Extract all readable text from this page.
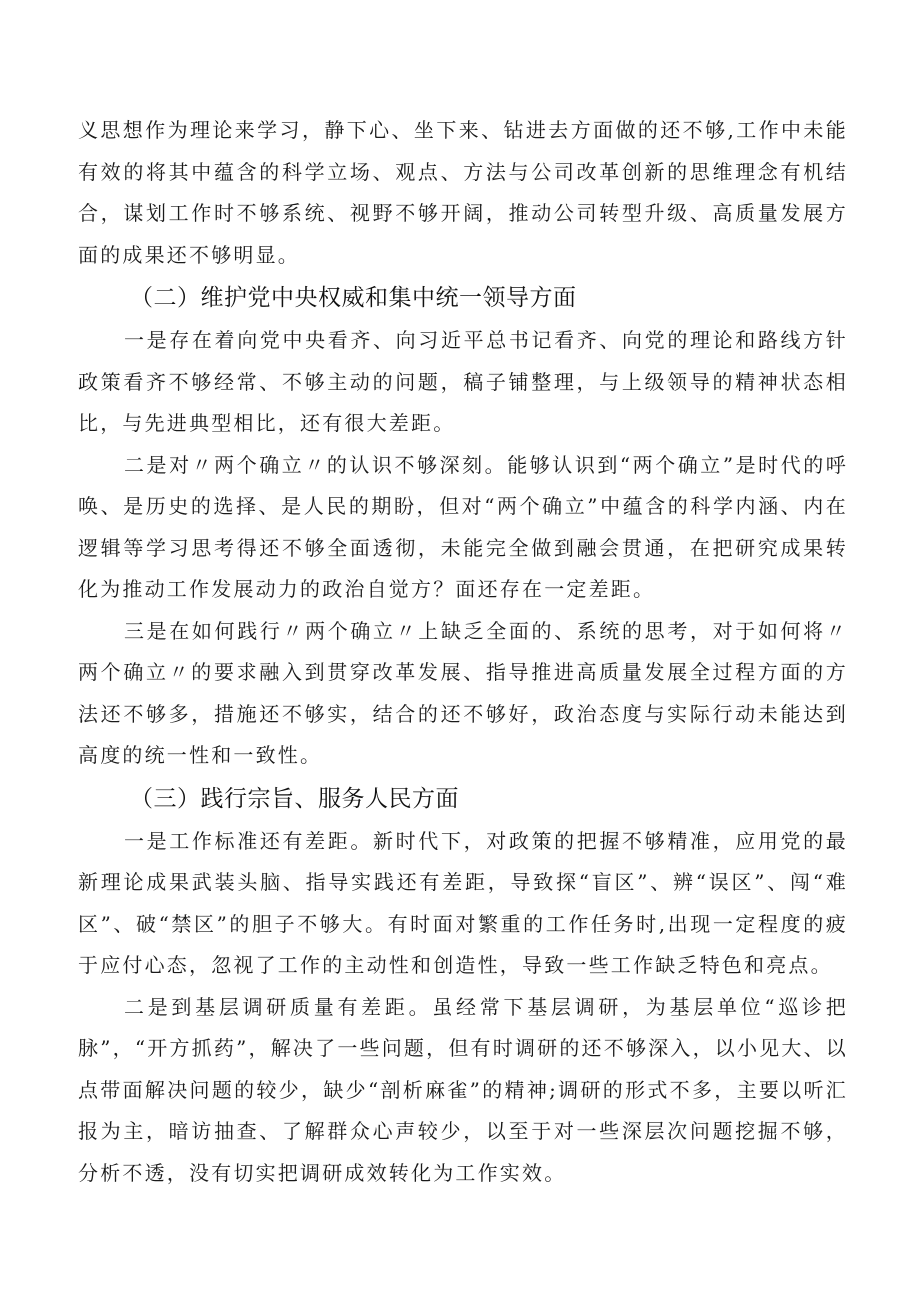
义思想作为理论来学习，静下心、坐下来、钻进去方面做的还不够,工作中未能有效的将其中蕴含的科学立场、观点、方法与公司改革创新的思维理念有机结合，谋划工作时不够系统、视野不够开阔，推动公司转型升级、高质量发展方面的成果还不够明显。

（二）维护党中央权威和集中统一领导方面

一是存在着向党中央看齐、向习近平总书记看齐、向党的理论和路线方针政策看齐不够经常、不够主动的问题，稿子铺整理，与上级领导的精神状态相比，与先进典型相比，还有很大差距。

二是对〃两个确立〃的认识不够深刻。能够认识到“两个确立”是时代的呼唤、是历史的选择、是人民的期盼，但对“两个确立”中蕴含的科学内涵、内在逻辑等学习思考得还不够全面透彻，未能完全做到融会贯通，在把研究成果转化为推动工作发展动力的政治自觉方？面还存在一定差距。

三是在如何践行〃两个确立〃上缺乏全面的、系统的思考，对于如何将〃两个确立〃的要求融入到贯穿改革发展、指导推进高质量发展全过程方面的方法还不够多，措施还不够实，结合的还不够好，政治态度与实际行动未能达到高度的统一性和一致性。

（三）践行宗旨、服务人民方面

一是工作标准还有差距。新时代下，对政策的把握不够精准，应用党的最新理论成果武装头脑、指导实践还有差距，导致探“盲区”、辨“误区”、闯“难区”、破“禁区”的胆子不够大。有时面对繁重的工作任务时,出现一定程度的疲于应付心态，忽视了工作的主动性和创造性，导致一些工作缺乏特色和亮点。

二是到基层调研质量有差距。虽经常下基层调研，为基层单位“巡诊把脉”，“开方抓药”，解决了一些问题，但有时调研的还不够深入，以小见大、以点带面解决问题的较少，缺少“剖析麻雀”的精神;调研的形式不多，主要以听汇报为主，暗访抽查、了解群众心声较少，以至于对一些深层次问题挖掘不够，分析不透，没有切实把调研成效转化为工作实效。
